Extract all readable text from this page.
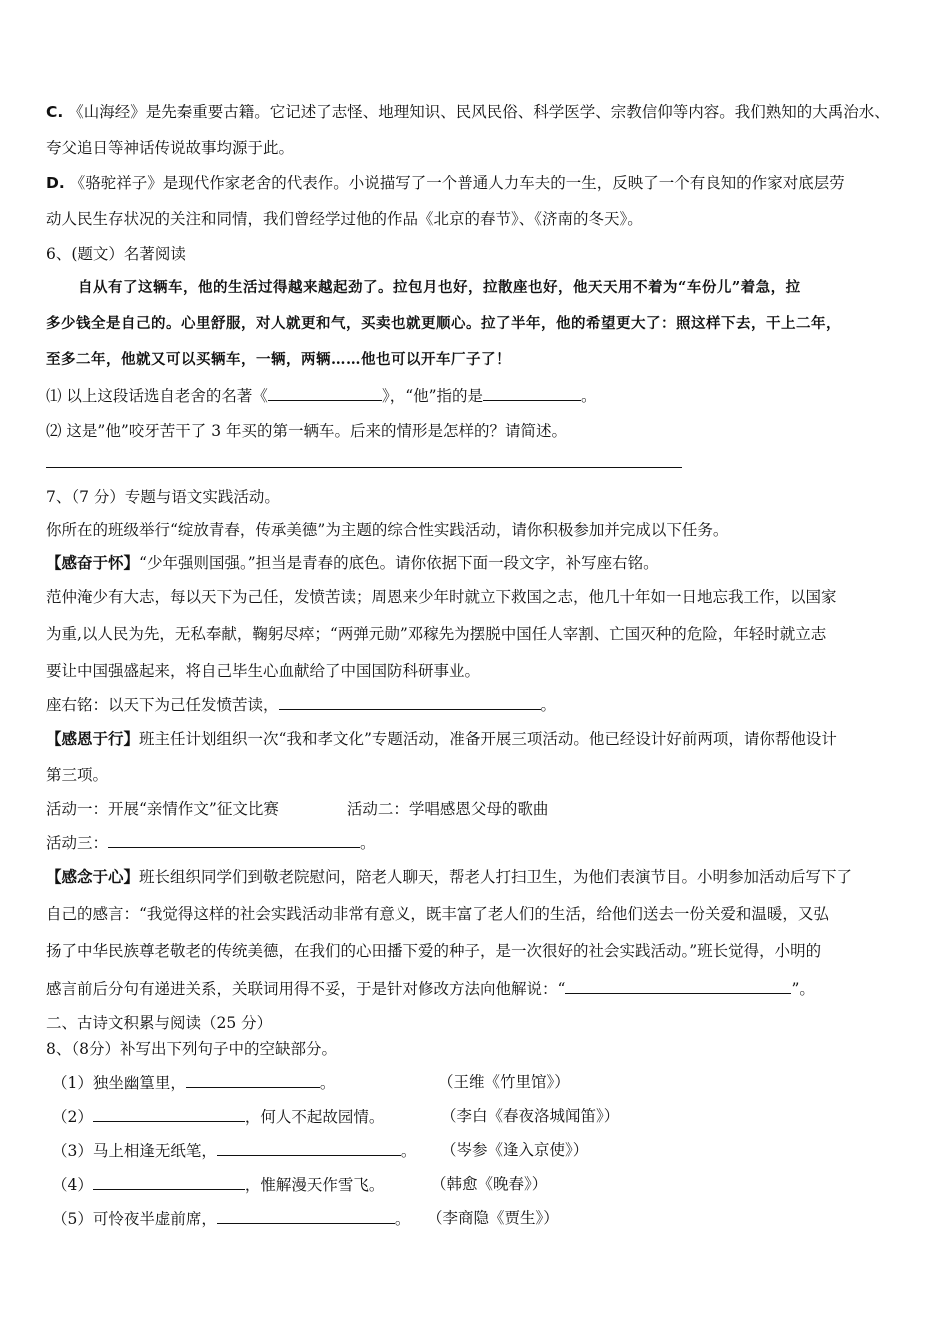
C. 《山海经》是先秦重要古籍。它记述了志怪、地理知识、民风民俗、科学医学、宗教信仰等内容。我们熟知的大禹治水、
夸父追日等神话传说故事均源于此。
D. 《骆驼祥子》是现代作家老舍的代表作。小说描写了一个普通人力车夫的一生，反映了一个有良知的作家对底层劳
动人民生存状况的关注和同情，我们曾经学过他的作品《北京的春节》、《济南的冬天》。
6、(题文）名著阅读
自从有了这辆车，他的生活过得越来越起劲了。拉包月也好，拉散座也好，他天天用不着为“车份儿”着急，拉
多少钱全是自己的。心里舒服，对人就更和气，买卖也就更顺心。拉了半年，他的希望更大了：照这样下去，干上二年，
至多二年，他就又可以买辆车，一辆，两辆……他也可以开车厂子了！
⑴ 以上这段话选自老舍的名著《	》，“他”指的是	。
⑵ 这是”他”咬牙苦干了 3 年买的第一辆车。后来的情形是怎样的？请简述。
7、（7 分）专题与语文实践活动。
你所在的班级举行“绽放青春，传承美德”为主题的综合性实践活动，请你积极参加并完成以下任务。
【感奋于怀】“少年强则国强。”担当是青春的底色。请你依据下面一段文字，补写座右铭。
范仲淹少有大志，每以天下为己任，发愤苦读；周恩来少年时就立下救国之志，他几十年如一日地忘我工作，以国家
为重,以人民为先，无私奉献，鞠躬尽瘁；“两弹元勋”邓稼先为摆脱中国任人宰割、亡国灭种的危险，年轻时就立志
要让中国强盛起来，将自己毕生心血献给了中国国防科研事业。
座右铭：以天下为己任发愤苦读，	。
【感恩于行】班主任计划组织一次“我和孝文化”专题活动，准备开展三项活动。他已经设计好前两项，请你帮他设计
第三项。
活动一：开展“亲情作文”征文比赛	活动二：学唱感恩父母的歌曲
活动三：	。
【感念于心】班长组织同学们到敬老院慰问，陪老人聊天，帮老人打扫卫生，为他们表演节目。小明参加活动后写下了
自己的感言：“我觉得这样的社会实践活动非常有意义，既丰富了老人们的生活，给他们送去一份关爱和温暖，又弘
扬了中华民族尊老敬老的传统美德，在我们的心田播下爱的种子，是一次很好的社会实践活动。”班长觉得，小明的
感言前后分句有递进关系，关联词用得不妥，于是针对修改方法向他解说：“	”。
二、古诗文积累与阅读（25 分）
8、（8分）补写出下列句子中的空缺部分。
（1）独坐幽篁里，	。	（王维《竹里馆》）
（2）	，何人不起故园情。	（李白《春夜洛城闻笛》）
（3）马上相逢无纸笔，	。 （岑参《逢入京使》）
（4）	，惟解漫天作雪飞。	（韩愈《晚春》）
（5）可怜夜半虚前席，	。 （李商隐《贾生》）
